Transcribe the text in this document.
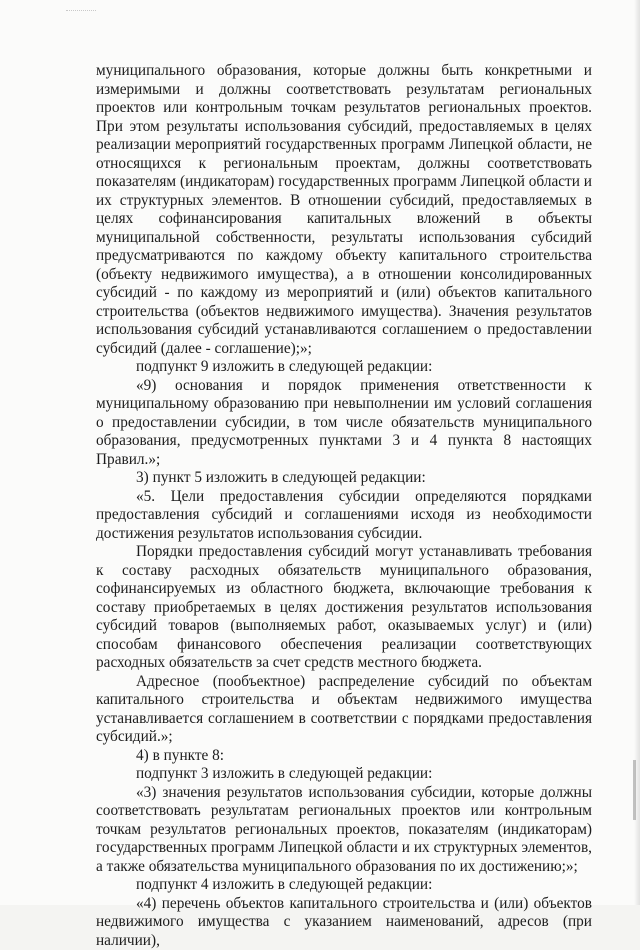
муниципального образования, которые должны быть конкретными и измеримыми и должны соответствовать результатам региональных проектов или контрольным точкам результатов региональных проектов. При этом результаты использования субсидий, предоставляемых в целях реализации мероприятий государственных программ Липецкой области, не относящихся к региональным проектам, должны соответствовать показателям (индикаторам) государственных программ Липецкой области и их структурных элементов. В отношении субсидий, предоставляемых в целях софинансирования капитальных вложений в объекты муниципальной собственности, результаты использования субсидий предусматриваются по каждому объекту капитального строительства (объекту недвижимого имущества), а в отношении консолидированных субсидий - по каждому из мероприятий и (или) объектов капитального строительства (объектов недвижимого имущества). Значения результатов использования субсидий устанавливаются соглашением о предоставлении субсидий (далее - соглашение);»;

подпункт 9 изложить в следующей редакции:

«9) основания и порядок применения ответственности к муниципальному образованию при невыполнении им условий соглашения о предоставлении субсидии, в том числе обязательств муниципального образования, предусмотренных пунктами 3 и 4 пункта 8 настоящих Правил.»;

3) пункт 5 изложить в следующей редакции:

«5. Цели предоставления субсидии определяются порядками предоставления субсидий и соглашениями исходя из необходимости достижения результатов использования субсидии.

Порядки предоставления субсидий могут устанавливать требования к составу расходных обязательств муниципального образования, софинансируемых из областного бюджета, включающие требования к составу приобретаемых в целях достижения результатов использования субсидий товаров (выполняемых работ, оказываемых услуг) и (или) способам финансового обеспечения реализации соответствующих расходных обязательств за счет средств местного бюджета.

Адресное (пообъектное) распределение субсидий по объектам капитального строительства и объектам недвижимого имущества устанавливается соглашением в соответствии с порядками предоставления субсидий.»;

4) в пункте 8:

подпункт 3 изложить в следующей редакции:

«3) значения результатов использования субсидии, которые должны соответствовать результатам региональных проектов или контрольным точкам результатов региональных проектов, показателям (индикаторам) государственных программ Липецкой области и их структурных элементов, а также обязательства муниципального образования по их достижению;»;

подпункт 4 изложить в следующей редакции:

«4) перечень объектов капитального строительства и (или) объектов недвижимого имущества с указанием наименований, адресов (при наличии),
